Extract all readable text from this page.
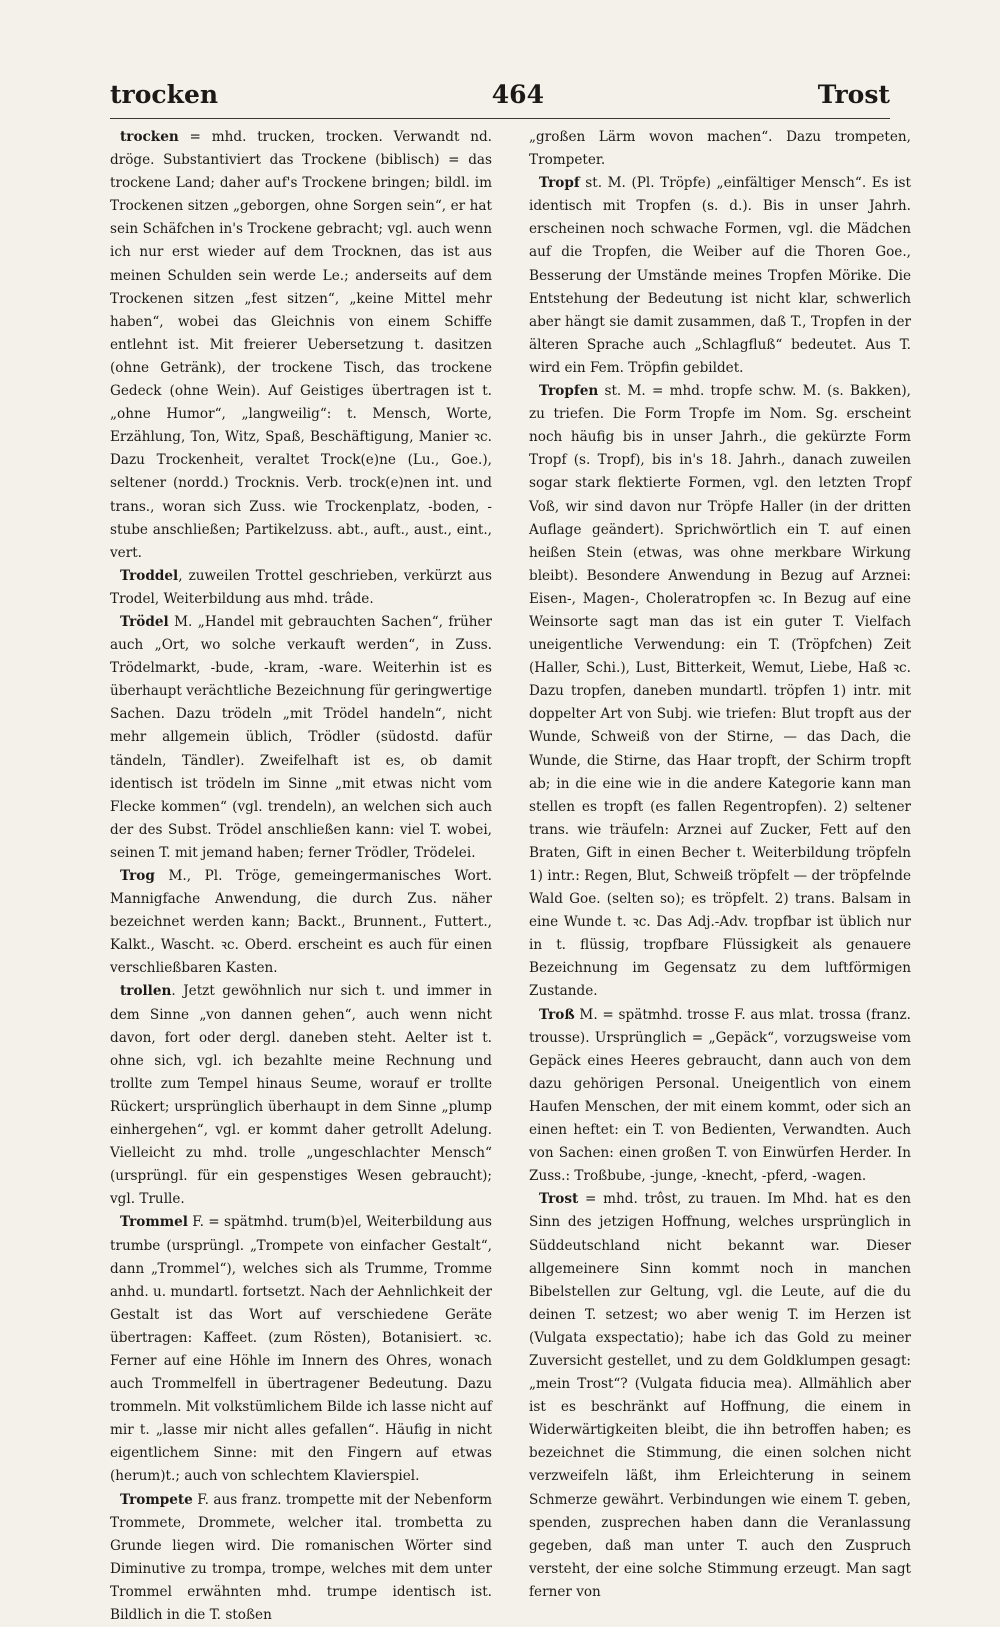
trocken	464	Trost

trocken = mhd. trucken, trocken. Verwandt nd. dröge. Substantiviert das Trockene (biblisch) = das trockene Land; daher auf's Trockene bringen; bildl. im Trockenen sitzen „geborgen, ohne Sorgen sein“, er hat sein Schäfchen in's Trockene gebracht; vgl. auch wenn ich nur erst wieder auf dem Trocknen, das ist aus meinen Schulden sein werde Le.; anderseits auf dem Trockenen sitzen „fest sitzen“, „keine Mittel mehr haben“, wobei das Gleichnis von einem Schiffe entlehnt ist. Mit freierer Uebersetzung t. dasitzen (ohne Getränk), der trockene Tisch, das trockene Gedeck (ohne Wein). Auf Geistiges übertragen ist t. „ohne Humor“, „langweilig“: t. Mensch, Worte, Erzählung, Ton, Witz, Spaß, Beschäftigung, Manier ꝛc. Dazu Trockenheit, veraltet Trock(e)ne (Lu., Goe.), seltener (nordd.) Trocknis. Verb. trock(e)nen int. und trans., woran sich Zuss. wie Trockenplatz, -boden, -stube anschließen; Partikelzuss. abt., auft., aust., eint., vert.

Troddel, zuweilen Trottel geschrieben, verkürzt aus Trodel, Weiterbildung aus mhd. trâde.

Trödel M. „Handel mit gebrauchten Sachen“, früher auch „Ort, wo solche verkauft werden“, in Zuss. Trödelmarkt, -bude, -kram, -ware. Weiterhin ist es überhaupt verächtliche Bezeichnung für geringwertige Sachen. Dazu trödeln „mit Trödel handeln“, nicht mehr allgemein üblich, Trödler (südostd. dafür tändeln, Tändler). Zweifelhaft ist es, ob damit identisch ist trödeln im Sinne „mit etwas nicht vom Flecke kommen“ (vgl. trendeln), an welchen sich auch der des Subst. Trödel anschließen kann: viel T. wobei, seinen T. mit jemand haben; ferner Trödler, Trödelei.

Trog M., Pl. Tröge, gemeingermanisches Wort. Mannigfache Anwendung, die durch Zus. näher bezeichnet werden kann; Backt., Brunnent., Futtert., Kalkt., Wascht. ꝛc. Oberd. erscheint es auch für einen verschließbaren Kasten.

trollen. Jetzt gewöhnlich nur sich t. und immer in dem Sinne „von dannen gehen“, auch wenn nicht davon, fort oder dergl. daneben steht. Aelter ist t. ohne sich, vgl. ich bezahlte meine Rechnung und trollte zum Tempel hinaus Seume, worauf er trollte Rückert; ursprünglich überhaupt in dem Sinne „plump einhergehen“, vgl. er kommt daher getrollt Adelung. Vielleicht zu mhd. trolle „ungeschlachter Mensch“ (ursprüngl. für ein gespenstiges Wesen gebraucht); vgl. Trulle.

Trommel F. = spätmhd. trum(b)el, Weiterbildung aus trumbe (ursprüngl. „Trompete von einfacher Gestalt“, dann „Trommel“), welches sich als Trumme, Tromme anhd. u. mundartl. fortsetzt. Nach der Aehnlichkeit der Gestalt ist das Wort auf verschiedene Geräte übertragen: Kaffeet. (zum Rösten), Botanisiert. ꝛc. Ferner auf eine Höhle im Innern des Ohres, wonach auch Trommelfell in übertragener Bedeutung. Dazu trommeln. Mit volkstümlichem Bilde ich lasse nicht auf mir t. „lasse mir nicht alles gefallen“. Häufig in nicht eigentlichem Sinne: mit den Fingern auf etwas (herum)t.; auch von schlechtem Klavierspiel.

Trompete F. aus franz. trompette mit der Nebenform Trommete, Drommete, welcher ital. trombetta zu Grunde liegen wird. Die romanischen Wörter sind Diminutive zu trompa, trompe, welches mit dem unter Trommel erwähnten mhd. trumpe identisch ist. Bildlich in die T. stoßen

„großen Lärm wovon machen“. Dazu trompeten, Trompeter.

Tropf st. M. (Pl. Tröpfe) „einfältiger Mensch“. Es ist identisch mit Tropfen (s. d.). Bis in unser Jahrh. erscheinen noch schwache Formen, vgl. die Mädchen auf die Tropfen, die Weiber auf die Thoren Goe., Besserung der Umstände meines Tropfen Mörike. Die Entstehung der Bedeutung ist nicht klar, schwerlich aber hängt sie damit zusammen, daß T., Tropfen in der älteren Sprache auch „Schlagfluß“ bedeutet. Aus T. wird ein Fem. Tröpfin gebildet.

Tropfen st. M. = mhd. tropfe schw. M. (s. Bakken), zu triefen. Die Form Tropfe im Nom. Sg. erscheint noch häufig bis in unser Jahrh., die gekürzte Form Tropf (s. Tropf), bis in's 18. Jahrh., danach zuweilen sogar stark flektierte Formen, vgl. den letzten Tropf Voß, wir sind davon nur Tröpfe Haller (in der dritten Auflage geändert). Sprichwörtlich ein T. auf einen heißen Stein (etwas, was ohne merkbare Wirkung bleibt). Besondere Anwendung in Bezug auf Arznei: Eisen-, Magen-, Choleratropfen ꝛc. In Bezug auf eine Weinsorte sagt man das ist ein guter T. Vielfach uneigentliche Verwendung: ein T. (Tröpfchen) Zeit (Haller, Schi.), Lust, Bitterkeit, Wemut, Liebe, Haß ꝛc. Dazu tropfen, daneben mundartl. tröpfen 1) intr. mit doppelter Art von Subj. wie triefen: Blut tropft aus der Wunde, Schweiß von der Stirne, — das Dach, die Wunde, die Stirne, das Haar tropft, der Schirm tropft ab; in die eine wie in die andere Kategorie kann man stellen es tropft (es fallen Regentropfen). 2) seltener trans. wie träufeln: Arznei auf Zucker, Fett auf den Braten, Gift in einen Becher t. Weiterbildung tröpfeln 1) intr.: Regen, Blut, Schweiß tröpfelt — der tröpfelnde Wald Goe. (selten so); es tröpfelt. 2) trans. Balsam in eine Wunde t. ꝛc. Das Adj.-Adv. tropfbar ist üblich nur in t. flüssig, tropfbare Flüssigkeit als genauere Bezeichnung im Gegensatz zu dem luftförmigen Zustande.

Troß M. = spätmhd. trosse F. aus mlat. trossa (franz. trousse). Ursprünglich = „Gepäck“, vorzugsweise vom Gepäck eines Heeres gebraucht, dann auch von dem dazu gehörigen Personal. Uneigentlich von einem Haufen Menschen, der mit einem kommt, oder sich an einen heftet: ein T. von Bedienten, Verwandten. Auch von Sachen: einen großen T. von Einwürfen Herder. In Zuss.: Troßbube, -junge, -knecht, -pferd, -wagen.

Trost = mhd. trôst, zu trauen. Im Mhd. hat es den Sinn des jetzigen Hoffnung, welches ursprünglich in Süddeutschland nicht bekannt war. Dieser allgemeinere Sinn kommt noch in manchen Bibelstellen zur Geltung, vgl. die Leute, auf die du deinen T. setzest; wo aber wenig T. im Herzen ist (Vulgata exspectatio); habe ich das Gold zu meiner Zuversicht gestellet, und zu dem Goldklumpen gesagt: „mein Trost“? (Vulgata fiducia mea). Allmählich aber ist es beschränkt auf Hoffnung, die einem in Widerwärtigkeiten bleibt, die ihn betroffen haben; es bezeichnet die Stimmung, die einen solchen nicht verzweifeln läßt, ihm Erleichterung in seinem Schmerze gewährt. Verbindungen wie einem T. geben, spenden, zusprechen haben dann die Veranlassung gegeben, daß man unter T. auch den Zuspruch versteht, der eine solche Stimmung erzeugt. Man sagt ferner von
